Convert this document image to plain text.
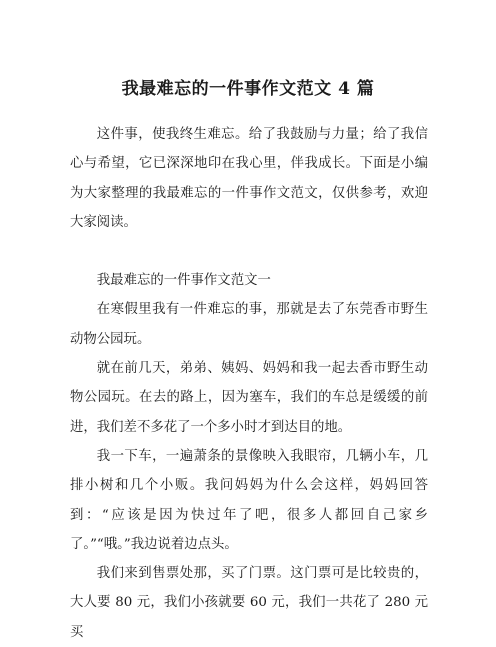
我最难忘的一件事作文范文 4 篇

这件事，使我终生难忘。给了我鼓励与力量；给了我信心与希望，它已深深地印在我心里，伴我成长。下面是小编为大家整理的我最难忘的一件事作文范文，仅供参考，欢迎大家阅读。

我最难忘的一件事作文范文一

在寒假里我有一件难忘的事，那就是去了东莞香市野生动物公园玩。

就在前几天，弟弟、姨妈、妈妈和我一起去香市野生动物公园玩。在去的路上，因为塞车，我们的车总是缓缓的前进，我们差不多花了一个多小时才到达目的地。

我一下车，一遍萧条的景像映入我眼帘，几辆小车，几排小树和几个小贩。我问妈妈为什么会这样，妈妈回答到：“应该是因为快过年了吧，很多人都回自己家乡了。”“哦。”我边说着边点头。

我们来到售票处那，买了门票。这门票可是比较贵的，大人要 80 元，我们小孩就要 60 元，我们一共花了 280 元买
